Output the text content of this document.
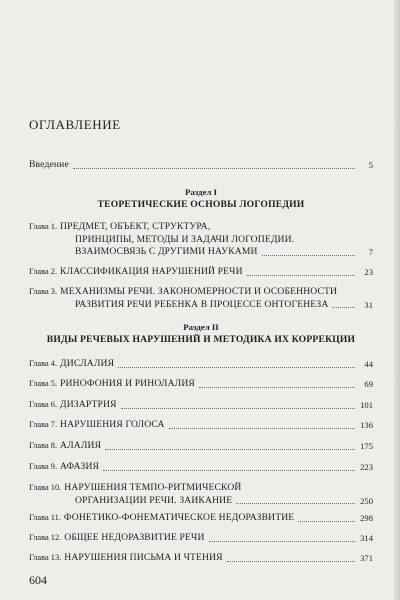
ОГЛАВЛЕНИЕ
Введение	5
Раздел I
ТЕОРЕТИЧЕСКИЕ ОСНОВЫ ЛОГОПЕДИИ
Глава 1. ПРЕДМЕТ, ОБЪЕКТ, СТРУКТУРА,
ПРИНЦИПЫ, МЕТОДЫ И ЗАДАЧИ ЛОГОПЕДИИ.
ВЗАИМОСВЯЗЬ С ДРУГИМИ НАУКАМИ	7
Глава 2. КЛАССИФИКАЦИЯ НАРУШЕНИЙ РЕЧИ	23
Глава 3. МЕХАНИЗМЫ РЕЧИ. ЗАКОНОМЕРНОСТИ И ОСОБЕННОСТИ
РАЗВИТИЯ РЕЧИ РЕБЕНКА В ПРОЦЕССЕ ОНТОГЕНЕЗА	31
Раздел II
ВИДЫ РЕЧЕВЫХ НАРУШЕНИЙ И МЕТОДИКА ИХ КОРРЕКЦИИ
Глава 4. ДИСЛАЛИЯ	44
Глава 5. РИНОФОНИЯ И РИНОЛАЛИЯ	69
Глава 6. ДИЗАРТРИЯ	101
Глава 7. НАРУШЕНИЯ ГОЛОСА	136
Глава 8. АЛАЛИЯ	175
Глава 9. АФАЗИЯ	223
Глава 10. НАРУШЕНИЯ ТЕМПО-РИТМИЧЕСКОЙ
ОРГАНИЗАЦИИ РЕЧИ. ЗАИКАНИЕ	250
Глава 11. ФОНЕТИКО-ФОНЕМАТИЧЕСКОЕ НЕДОРАЗВИТИЕ	298
Глава 12. ОБЩЕЕ НЕДОРАЗВИТИЕ РЕЧИ	314
Глава 13. НАРУШЕНИЯ ПИСЬМА И ЧТЕНИЯ	371
604
